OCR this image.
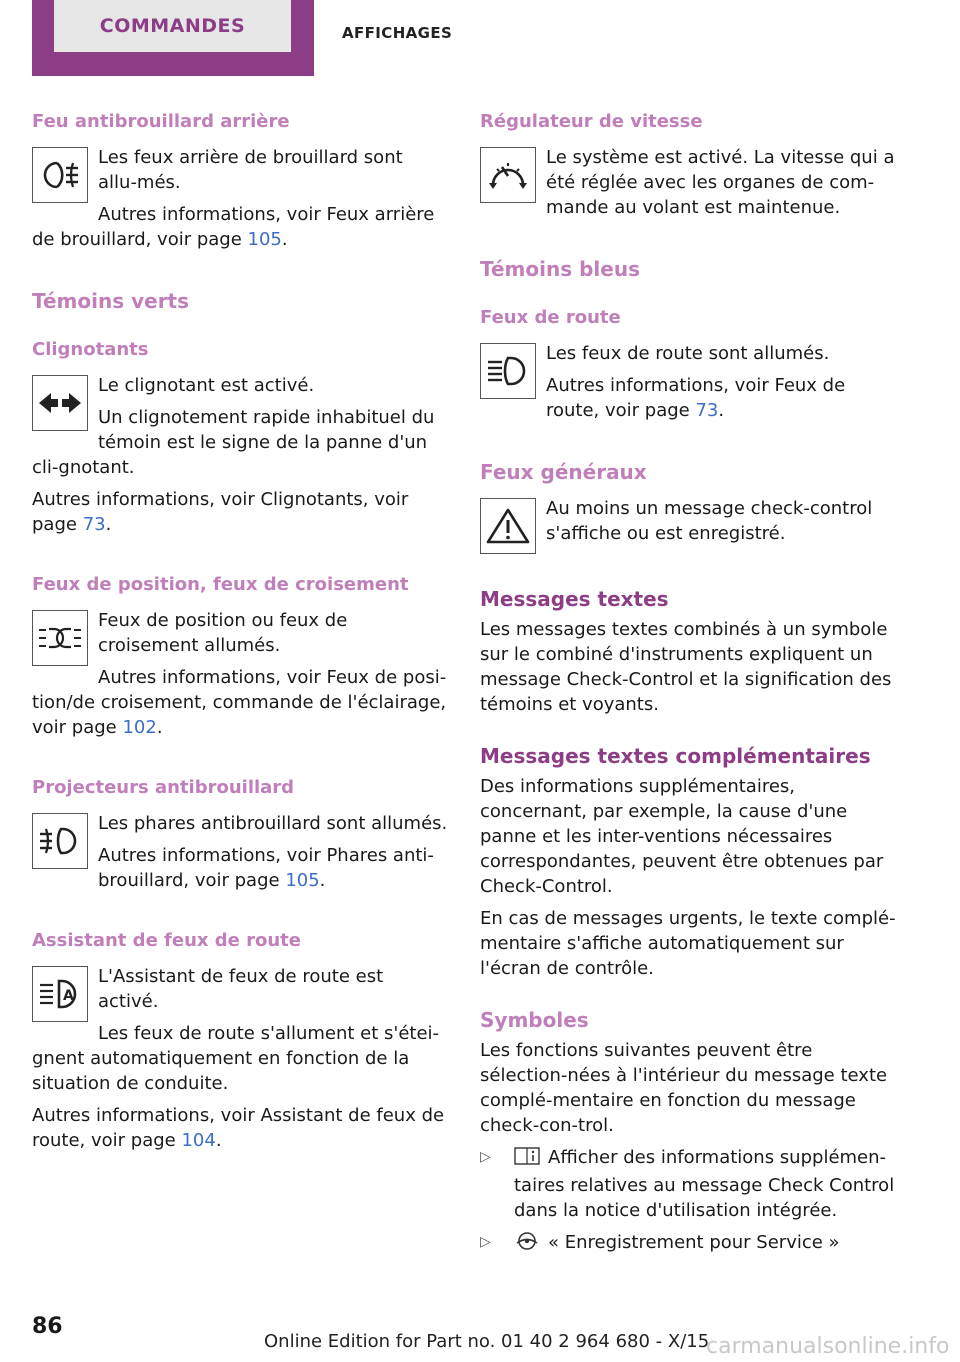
COMMANDES	AFFICHAGES
Feu antibrouillard arrière

Les feux arrière de brouillard sont allu-més.

Autres informations, voir Feux arrière de brouillard, voir page 105.

Témoins verts
Clignotants

Le clignotant est activé.

Un clignotement rapide inhabituel du témoin est le signe de la panne d'un cli-gnotant.

Autres informations, voir Clignotants, voir page 73.

Feux de position, feux de croisement

Feux de position ou feux de croisement allumés.

Autres informations, voir Feux de posi-tion/de croisement, commande de l'éclairage, voir page 102.

Projecteurs antibrouillard

Les phares antibrouillard sont allumés.

Autres informations, voir Phares anti-brouillard, voir page 105.

Assistant de feux de route
A

L'Assistant de feux de route est activé.

Les feux de route s'allument et s'étei-gnent automatiquement en fonction de la situation de conduite.

Autres informations, voir Assistant de feux de route, voir page 104.

Régulateur de vitesse

Le système est activé. La vitesse qui a été réglée avec les organes de com-mande au volant est maintenue.

Témoins bleus
Feux de route

Les feux de route sont allumés.

Autres informations, voir Feux de route, voir page 73.

Feux généraux

Au moins un message check-control s'affiche ou est enregistré.

Messages textes

Les messages textes combinés à un symbole sur le combiné d'instruments expliquent un message Check-Control et la signification des témoins et voyants.

Messages textes complémentaires

Des informations supplémentaires, concernant, par exemple, la cause d'une panne et les inter-ventions nécessaires correspondantes, peuvent être obtenues par Check-Control.

En cas de messages urgents, le texte complé-mentaire s'affiche automatiquement sur l'écran de contrôle.

Symboles

Les fonctions suivantes peuvent être sélection-nées à l'intérieur du message texte complé-mentaire en fonction du message check-con-trol.

▷	Afficher des informations supplémen-taires relatives au message Check Control dans la notice d'utilisation intégrée.
▷	« Enregistrement pour Service »
86
Online Edition for Part no. 01 40 2 964 680 - X/15
carmanualsonline.info
